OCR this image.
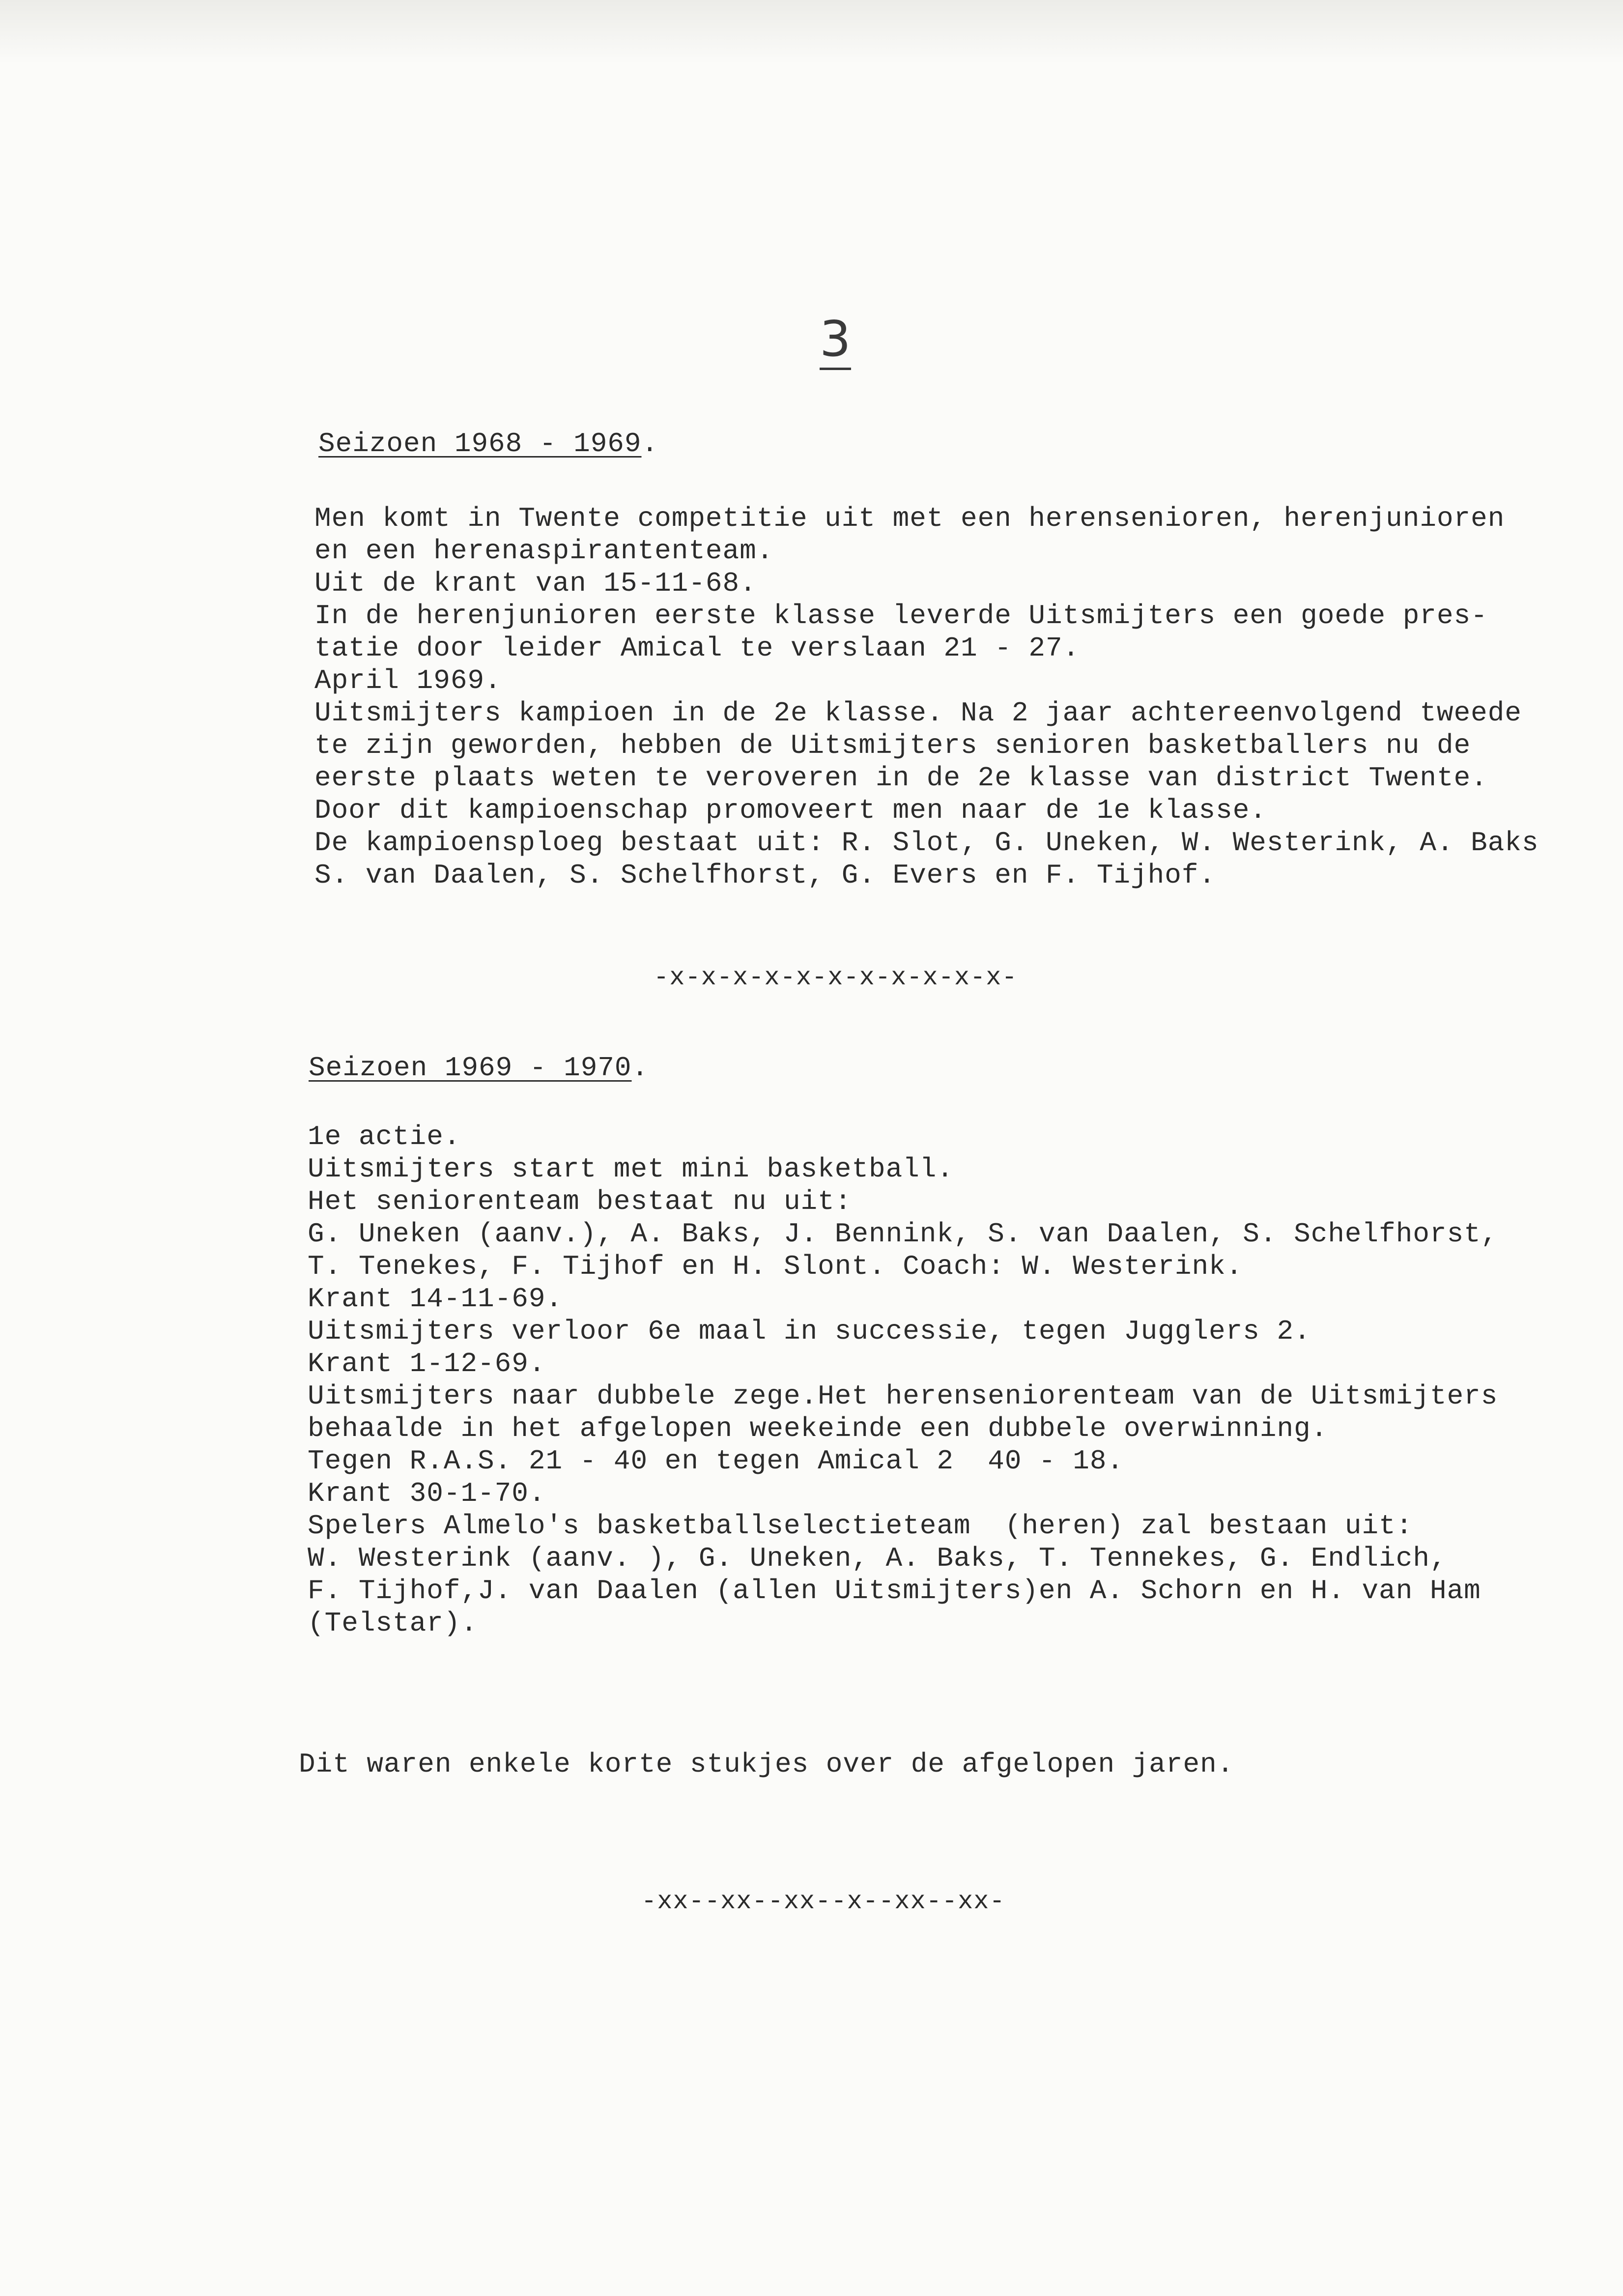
3
Seizoen 1968 - 1969.
Men komt in Twente competitie uit met een herensenioren, herenjunioren
en een herenaspirantenteam.
Uit de krant van 15-11-68.
In de herenjunioren eerste klasse leverde Uitsmijters een goede pres-
tatie door leider Amical te verslaan 21 - 27.
April 1969.
Uitsmijters kampioen in de 2e klasse. Na 2 jaar achtereenvolgend tweede
te zijn geworden, hebben de Uitsmijters senioren basketballers nu de
eerste plaats weten te veroveren in de 2e klasse van district Twente.
Door dit kampioenschap promoveert men naar de 1e klasse.
De kampioensploeg bestaat uit: R. Slot, G. Uneken, W. Westerink, A. Baks
S. van Daalen, S. Schelfhorst, G. Evers en F. Tijhof.
-x-x-x-x-x-x-x-x-x-x-x-
Seizoen 1969 - 1970.
1e actie.
Uitsmijters start met mini basketball.
Het seniorenteam bestaat nu uit:
G. Uneken (aanv.), A. Baks, J. Bennink, S. van Daalen, S. Schelfhorst,
T. Tenekes, F. Tijhof en H. Slont. Coach: W. Westerink.
Krant 14-11-69.
Uitsmijters verloor 6e maal in successie, tegen Jugglers 2.
Krant 1-12-69.
Uitsmijters naar dubbele zege.Het herenseniorenteam van de Uitsmijters
behaalde in het afgelopen weekeinde een dubbele overwinning.
Tegen R.A.S. 21 - 40 en tegen Amical 2  40 - 18.
Krant 30-1-70.
Spelers Almelo's basketballselectieteam  (heren) zal bestaan uit:
W. Westerink (aanv. ), G. Uneken, A. Baks, T. Tennekes, G. Endlich,
F. Tijhof,J. van Daalen (allen Uitsmijters)en A. Schorn en H. van Ham
(Telstar).
Dit waren enkele korte stukjes over de afgelopen jaren.
-xx--xx--xx--x--xx--xx-
